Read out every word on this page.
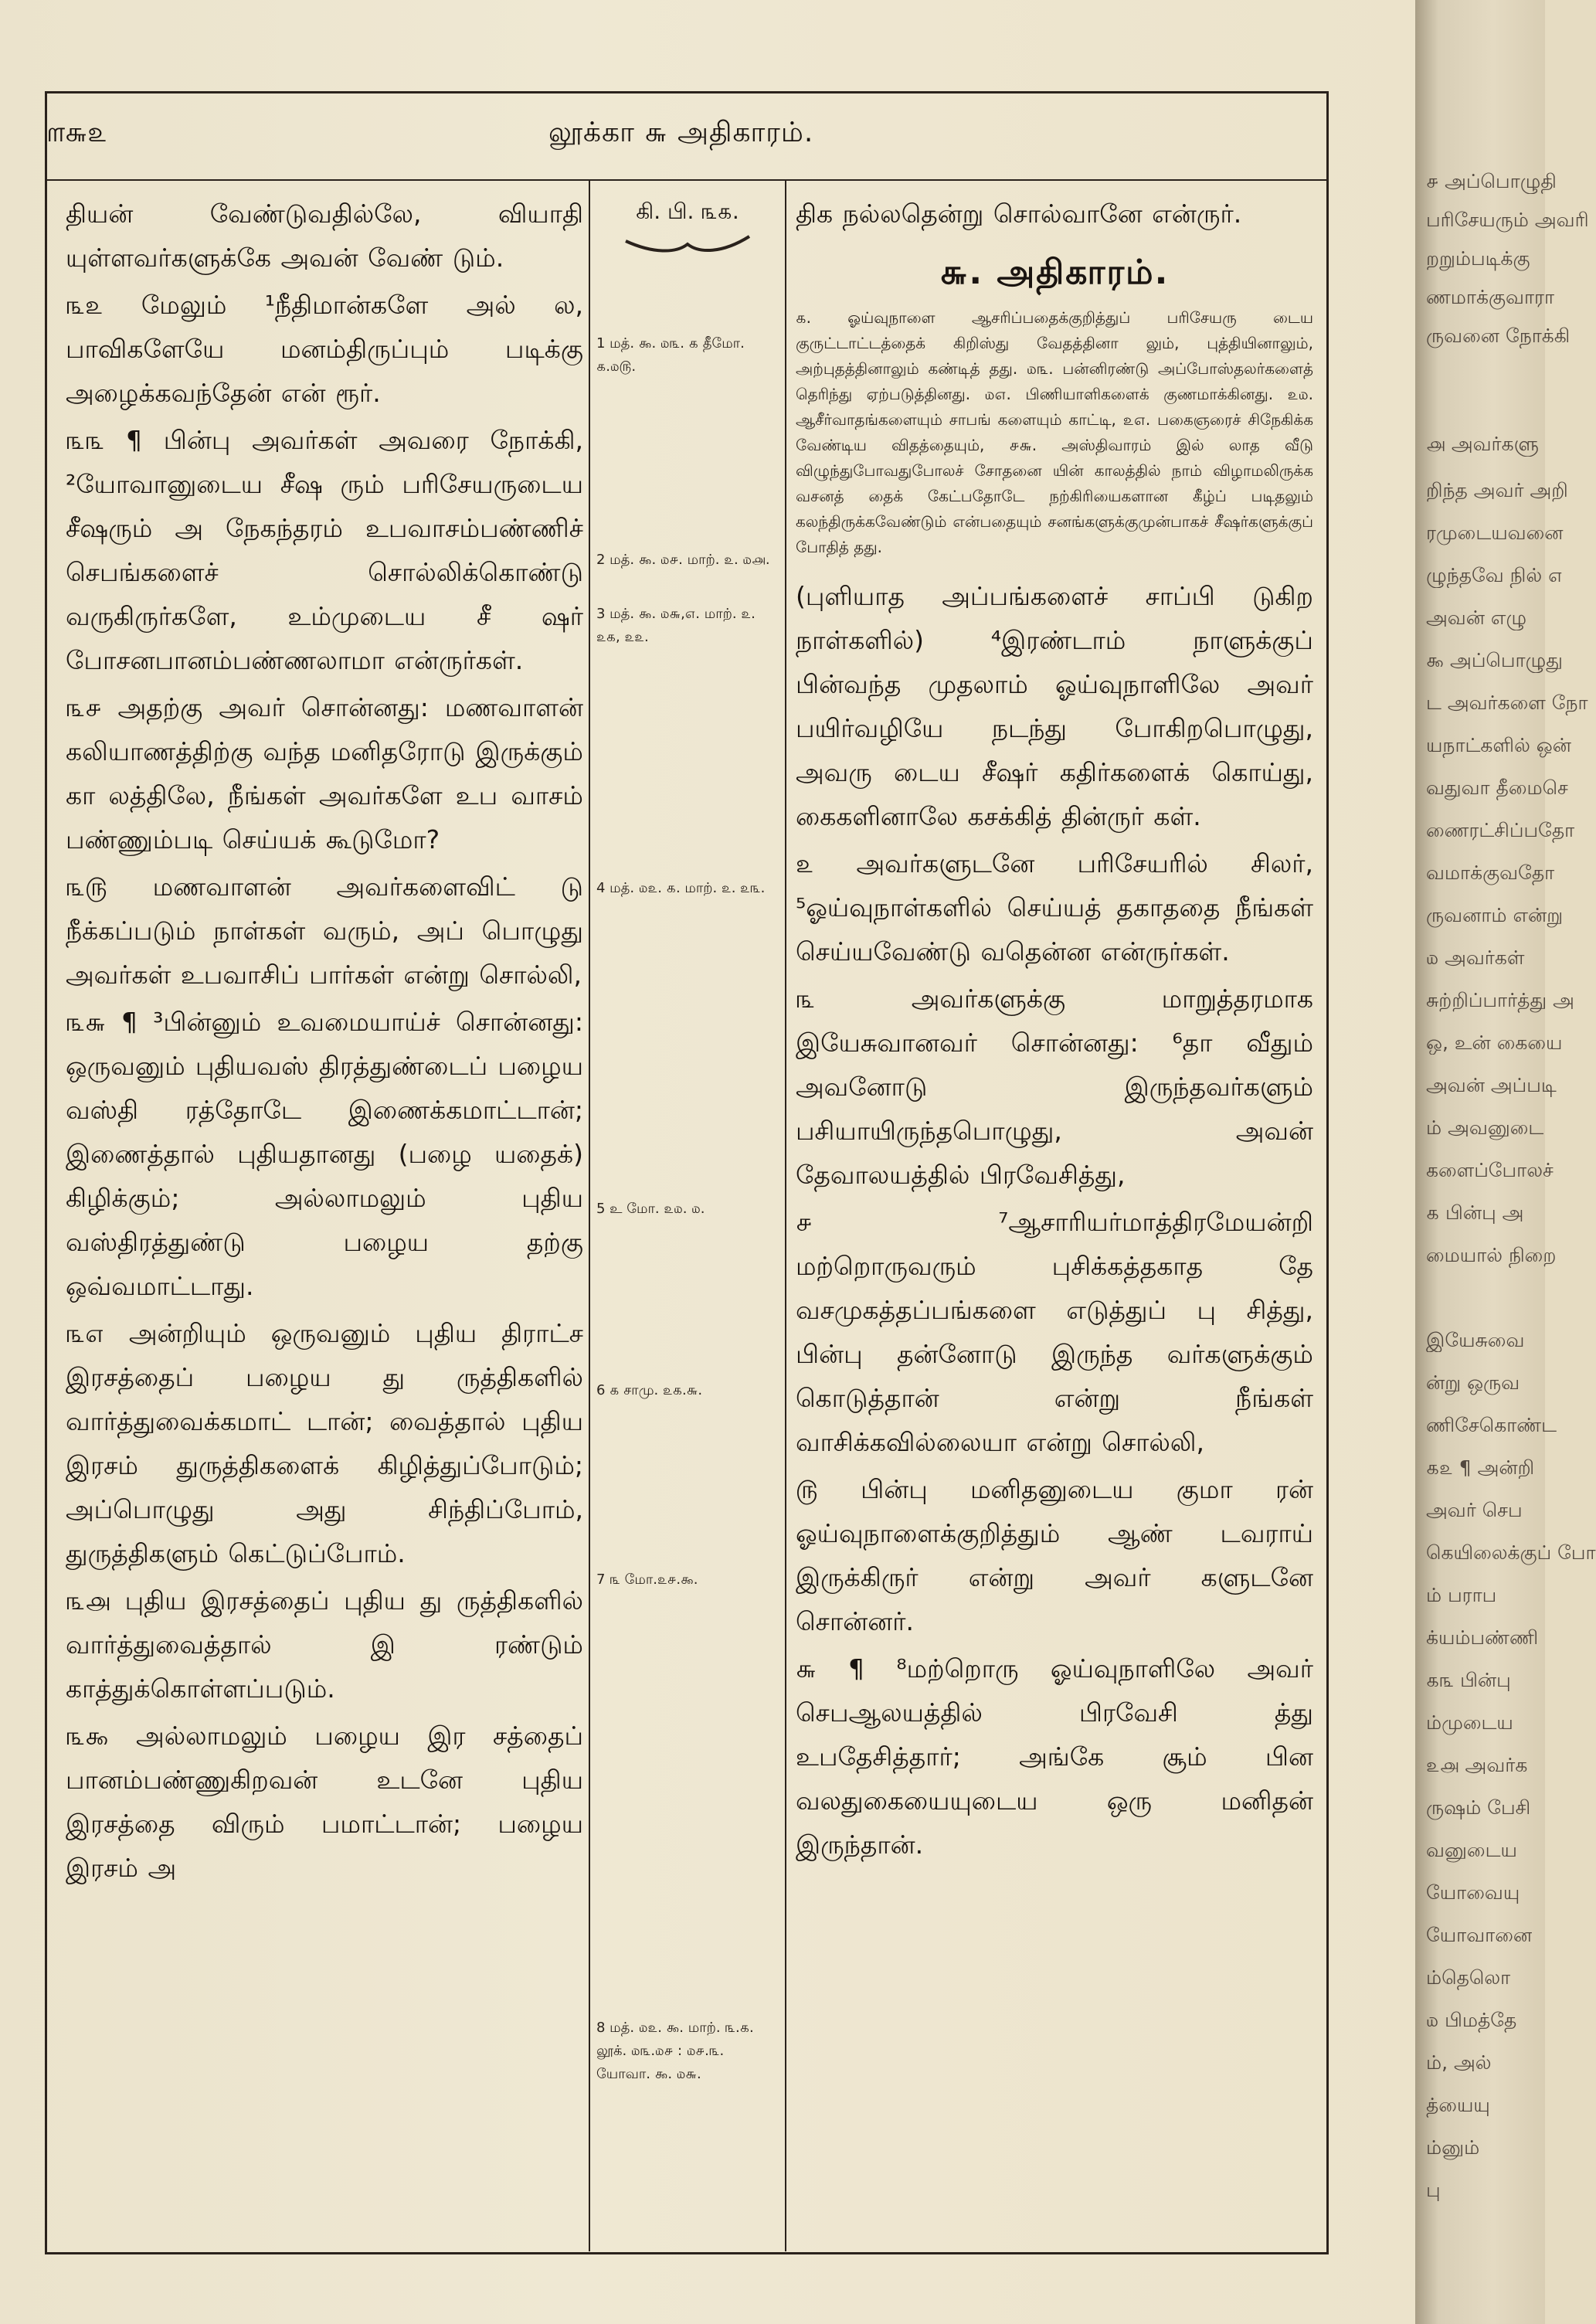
௱௬௨	லூக்கா ௬ அதிகாரம்.

தியன் வேண்டுவதில்லே, வியாதி யுள்ளவர்களுக்கே அவன் வேண் டும்.

௩௨ மேலும் ¹நீதிமான்களே அல் ல, பாவிகளேயே மனம்திருப்பும் படிக்கு அழைக்கவந்தேன் என் ரூர்.

௩௩ ¶ பின்பு அவர்கள் அவரை நோக்கி, ²யோவானுடைய சீஷ ரும் பரிசேயருடைய சீஷரும் அ நேகந்தரம் உபவாசம்பண்ணிச் செபங்களைச் சொல்லிக்கொண்டு வருகிருர்களே, உம்முடைய சீ ஷர் போசனபானம்பண்ணலாமா என்ருர்கள்.

௩௪ அதற்கு அவர் சொன்னது: மணவாளன் கலியாணத்திற்கு வந்த மனிதரோடு இருக்கும் கா லத்திலே, நீங்கள் அவர்களே உப வாசம் பண்ணும்படி செய்யக் கூடுமோ?

௩௫ மணவாளன் அவர்களைவிட் டு நீக்கப்படும் நாள்கள் வரும், அப் பொழுது அவர்கள் உபவாசிப் பார்கள் என்று சொல்லி,

௩௬ ¶ ³பின்னும் உவமையாய்ச் சொன்னது: ஒருவனும் புதியவஸ் திரத்துண்டைப் பழைய வஸ்தி ரத்தோடே இணைக்கமாட்டான்; இணைத்தால் புதியதானது (பழை யதைக்) கிழிக்கும்; அல்லாமலும் புதிய வஸ்திரத்துண்டு பழைய தற்கு ஒவ்வமாட்டாது.

௩௭ அன்றியும் ஒருவனும் புதிய திராட்ச இரசத்தைப் பழைய து ருத்திகளில் வார்த்துவைக்கமாட் டான்; வைத்தால் புதிய இரசம் துருத்திகளைக் கிழித்துப்போடும்; அப்பொழுது அது சிந்திப்போம், துருத்திகளும் கெட்டுப்போம்.

௩௮ புதிய இரசத்தைப் புதிய து ருத்திகளில் வார்த்துவைத்தால் இ ரண்டும் காத்துக்கொள்ளப்படும்.

௩௯ அல்லாமலும் பழைய இர சத்தைப் பானம்பண்ணுகிறவன் உடனே புதிய இரசத்தை விரும் பமாட்டான்; பழைய இரசம் அ

கி. பி. ௩௧.
1 மத். ௯. ௰௩. ௧ தீமோ. ௧.௰௫.
2 மத். ௯. ௰௪. மாற். ௨. ௰௮.
3 மத். ௯. ௰௬,௭. மாற். ௨. ௨௧, ௨௨.
4 மத். ௰௨. ௧. மாற். ௨. ௨௩.
5 உ மோ. ௨௰. ௰.
6 ௧ சாமு. ௨௧.௬.
7 ௩ மோ.௨௪.௯.
8 மத். ௰௨. ௯. மாற். ௩.௧. லூக். ௰௩.௰௪ : ௰௪.௩. யோவா. ௯. ௰௬.

திக நல்லதென்று சொல்வானே என்ருர்.

௬. அதிகாரம்.

௧. ஓய்வுநாளை ஆசரிப்பதைக்குறித்துப் பரிசேயரு டைய குருட்டாட்டத்தைக் கிறிஸ்து வேதத்தினா லும், புத்தியினாலும், அற்புதத்தினாலும் கண்டித் தது. ௰௩. பன்னிரண்டு அப்போஸ்தலர்களைத் தெரிந்து ஏற்படுத்தினது. ௰௭. பிணியாளிகளைக் குணமாக்கினது. ௨௰. ஆசீர்வாதங்களையும் சாபங் களையும் காட்டி, ௨௭. பகைஞரைச் சிநேகிக்க வேண்டிய விதத்தையும், ௪௬. அஸ்திவாரம் இல் லாத வீடு விழுந்துபோவதுபோலச் சோதனை யின் காலத்தில் நாம் விழாமலிருக்க வசனத் தைக் கேட்பதோடே நற்கிரியைகளான கீழ்ப் படிதலும் கலந்திருக்கவேண்டும் என்பதையும் சனங்களுக்குமுன்பாகச் சீஷர்களுக்குப் போதித் தது.

(புளியாத அப்பங்களைச் சாப்பி டுகிற நாள்களில்) ⁴இரண்டாம் நாளுக்குப் பின்வந்த முதலாம் ஓய்வுநாளிலே அவர் பயிர்வழியே நடந்து போகிறபொழுது, அவரு டைய சீஷர் கதிர்களைக் கொய்து, கைகளினாலே கசக்கித் தின்ருர் கள்.

௨ அவர்களுடனே பரிசேயரில் சிலர், ⁵ஓய்வுநாள்களில் செய்யத் தகாததை நீங்கள் செய்யவேண்டு வதென்ன என்ருர்கள்.

௩ அவர்களுக்கு மாறுத்தரமாக இயேசுவானவர் சொன்னது: ⁶தா வீதும் அவனோடு இருந்தவர்களும் பசியாயிருந்தபொழுது, அவன் தேவாலயத்தில் பிரவேசித்து,

௪ ⁷ஆசாரியர்மாத்திரமேயன்றி மற்றொருவரும் புசிக்கத்தகாத தே வசமுகத்தப்பங்களை எடுத்துப் பு சித்து, பின்பு தன்னோடு இருந்த வர்களுக்கும் கொடுத்தான் என்று நீங்கள் வாசிக்கவில்லையா என்று சொல்லி,

௫ பின்பு மனிதனுடைய குமா ரன் ஓய்வுநாளைக்குறித்தும் ஆண் டவராய் இருக்கிருர் என்று அவர் களுடனே சொன்னர்.

௬ ¶ ⁸மற்றொரு ஓய்வுநாளிலே அவர் செபஆலயத்தில் பிரவேசி த்து உபதேசித்தார்; அங்கே சூம் பின வலதுகையையுடைய ஒரு மனிதன் இருந்தான்.

௪ அப்பொழுதி
பரிசேயரும் அவரி
றறும்படிக்கு
ணமாக்குவாரா
ருவனை நோக்கி
௮ அவர்களு
றிந்த அவர் அறி
ரமுடையவனை
ழுந்தவே நில் ௭
அவன் எழு
௯ அப்பொழுது
ட அவர்களை நோ
யநாட்களில் ஒன்
வதுவா தீமைசெ
ணைரட்சிப்பதோ
வமாக்குவதோ
ருவனாம் என்று
௰ அவர்கள்
சுற்றிப்பார்த்து அ
ஒ, உன் கையை
அவன் அப்படி
ம் அவனுடை
களைப்போலச்
௧ பின்பு அ
மையால் நிறை
இயேசுவை
ன்று ஒருவ
ணிசேகொண்ட
௧௨ ¶ அன்றி
அவர் செப
கெயிலைக்குப் போ
ம் பராப
க்யம்பண்ணி
௧௩ பின்பு
ம்முடைய
௨௮ அவர்க
ருஷம் பேசி
வனுடைய
யோவையு
யோவானை
ம்தெலொ
௰ பிமத்தே
ம், அல்
த்யையு
ம்னும்
பு
